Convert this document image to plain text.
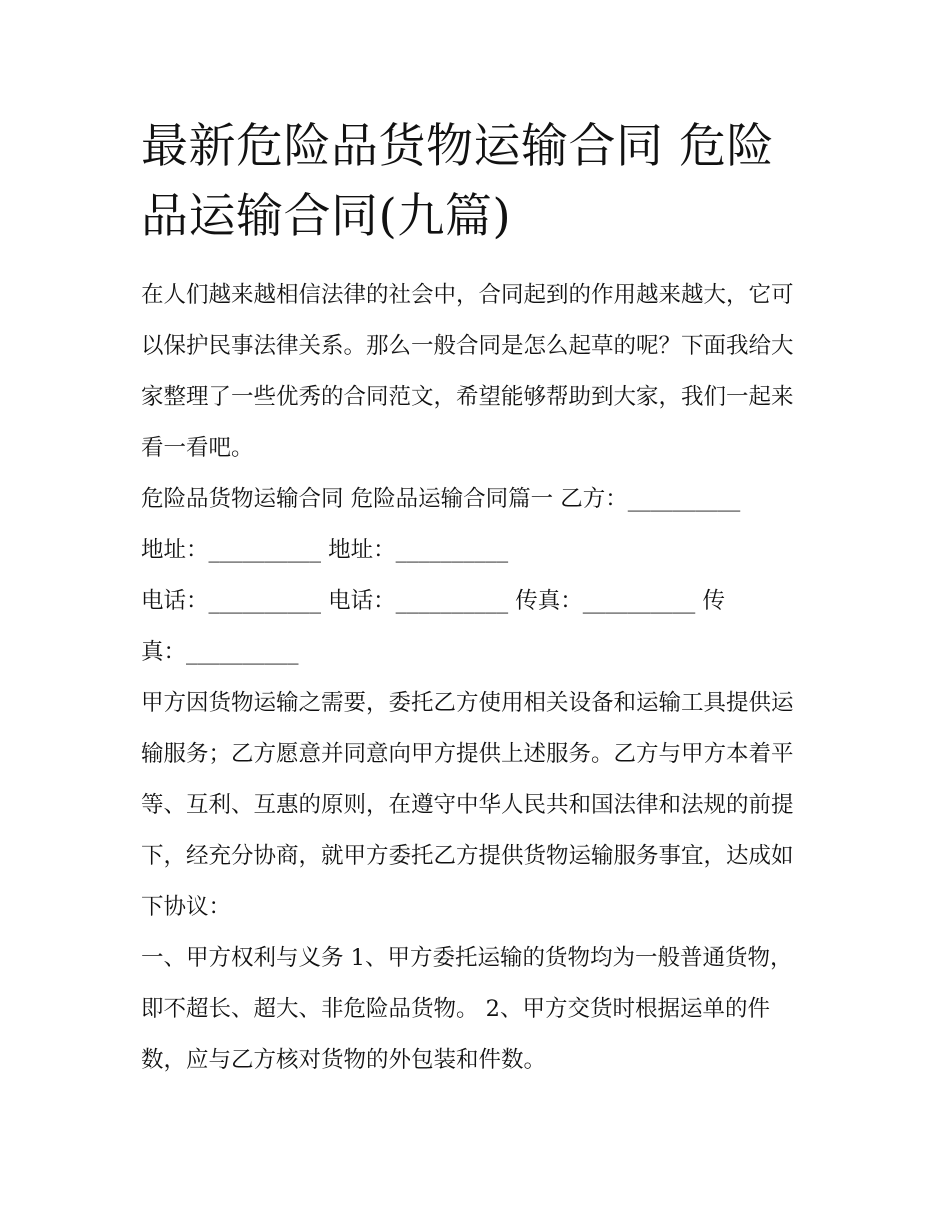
最新危险品货物运输合同 危险品运输合同(九篇)

在人们越来越相信法律的社会中，合同起到的作用越来越大，它可以保护民事法律关系。那么一般合同是怎么起草的呢？下面我给大家整理了一些优秀的合同范文，希望能够帮助到大家，我们一起来看一看吧。

危险品货物运输合同 危险品运输合同篇一 乙方：__________

地址：__________ 地址：__________

电话：__________ 电话：__________ 传真：__________ 传

真：__________

甲方因货物运输之需要，委托乙方使用相关设备和运输工具提供运输服务；乙方愿意并同意向甲方提供上述服务。乙方与甲方本着平等、互利、互惠的原则，在遵守中华人民共和国法律和法规的前提下，经充分协商，就甲方委托乙方提供货物运输服务事宜，达成如下协议：

一、甲方权利与义务 1、甲方委托运输的货物均为一般普通货物，即不超长、超大、非危险品货物。 2、甲方交货时根据运单的件数，应与乙方核对货物的外包装和件数。
